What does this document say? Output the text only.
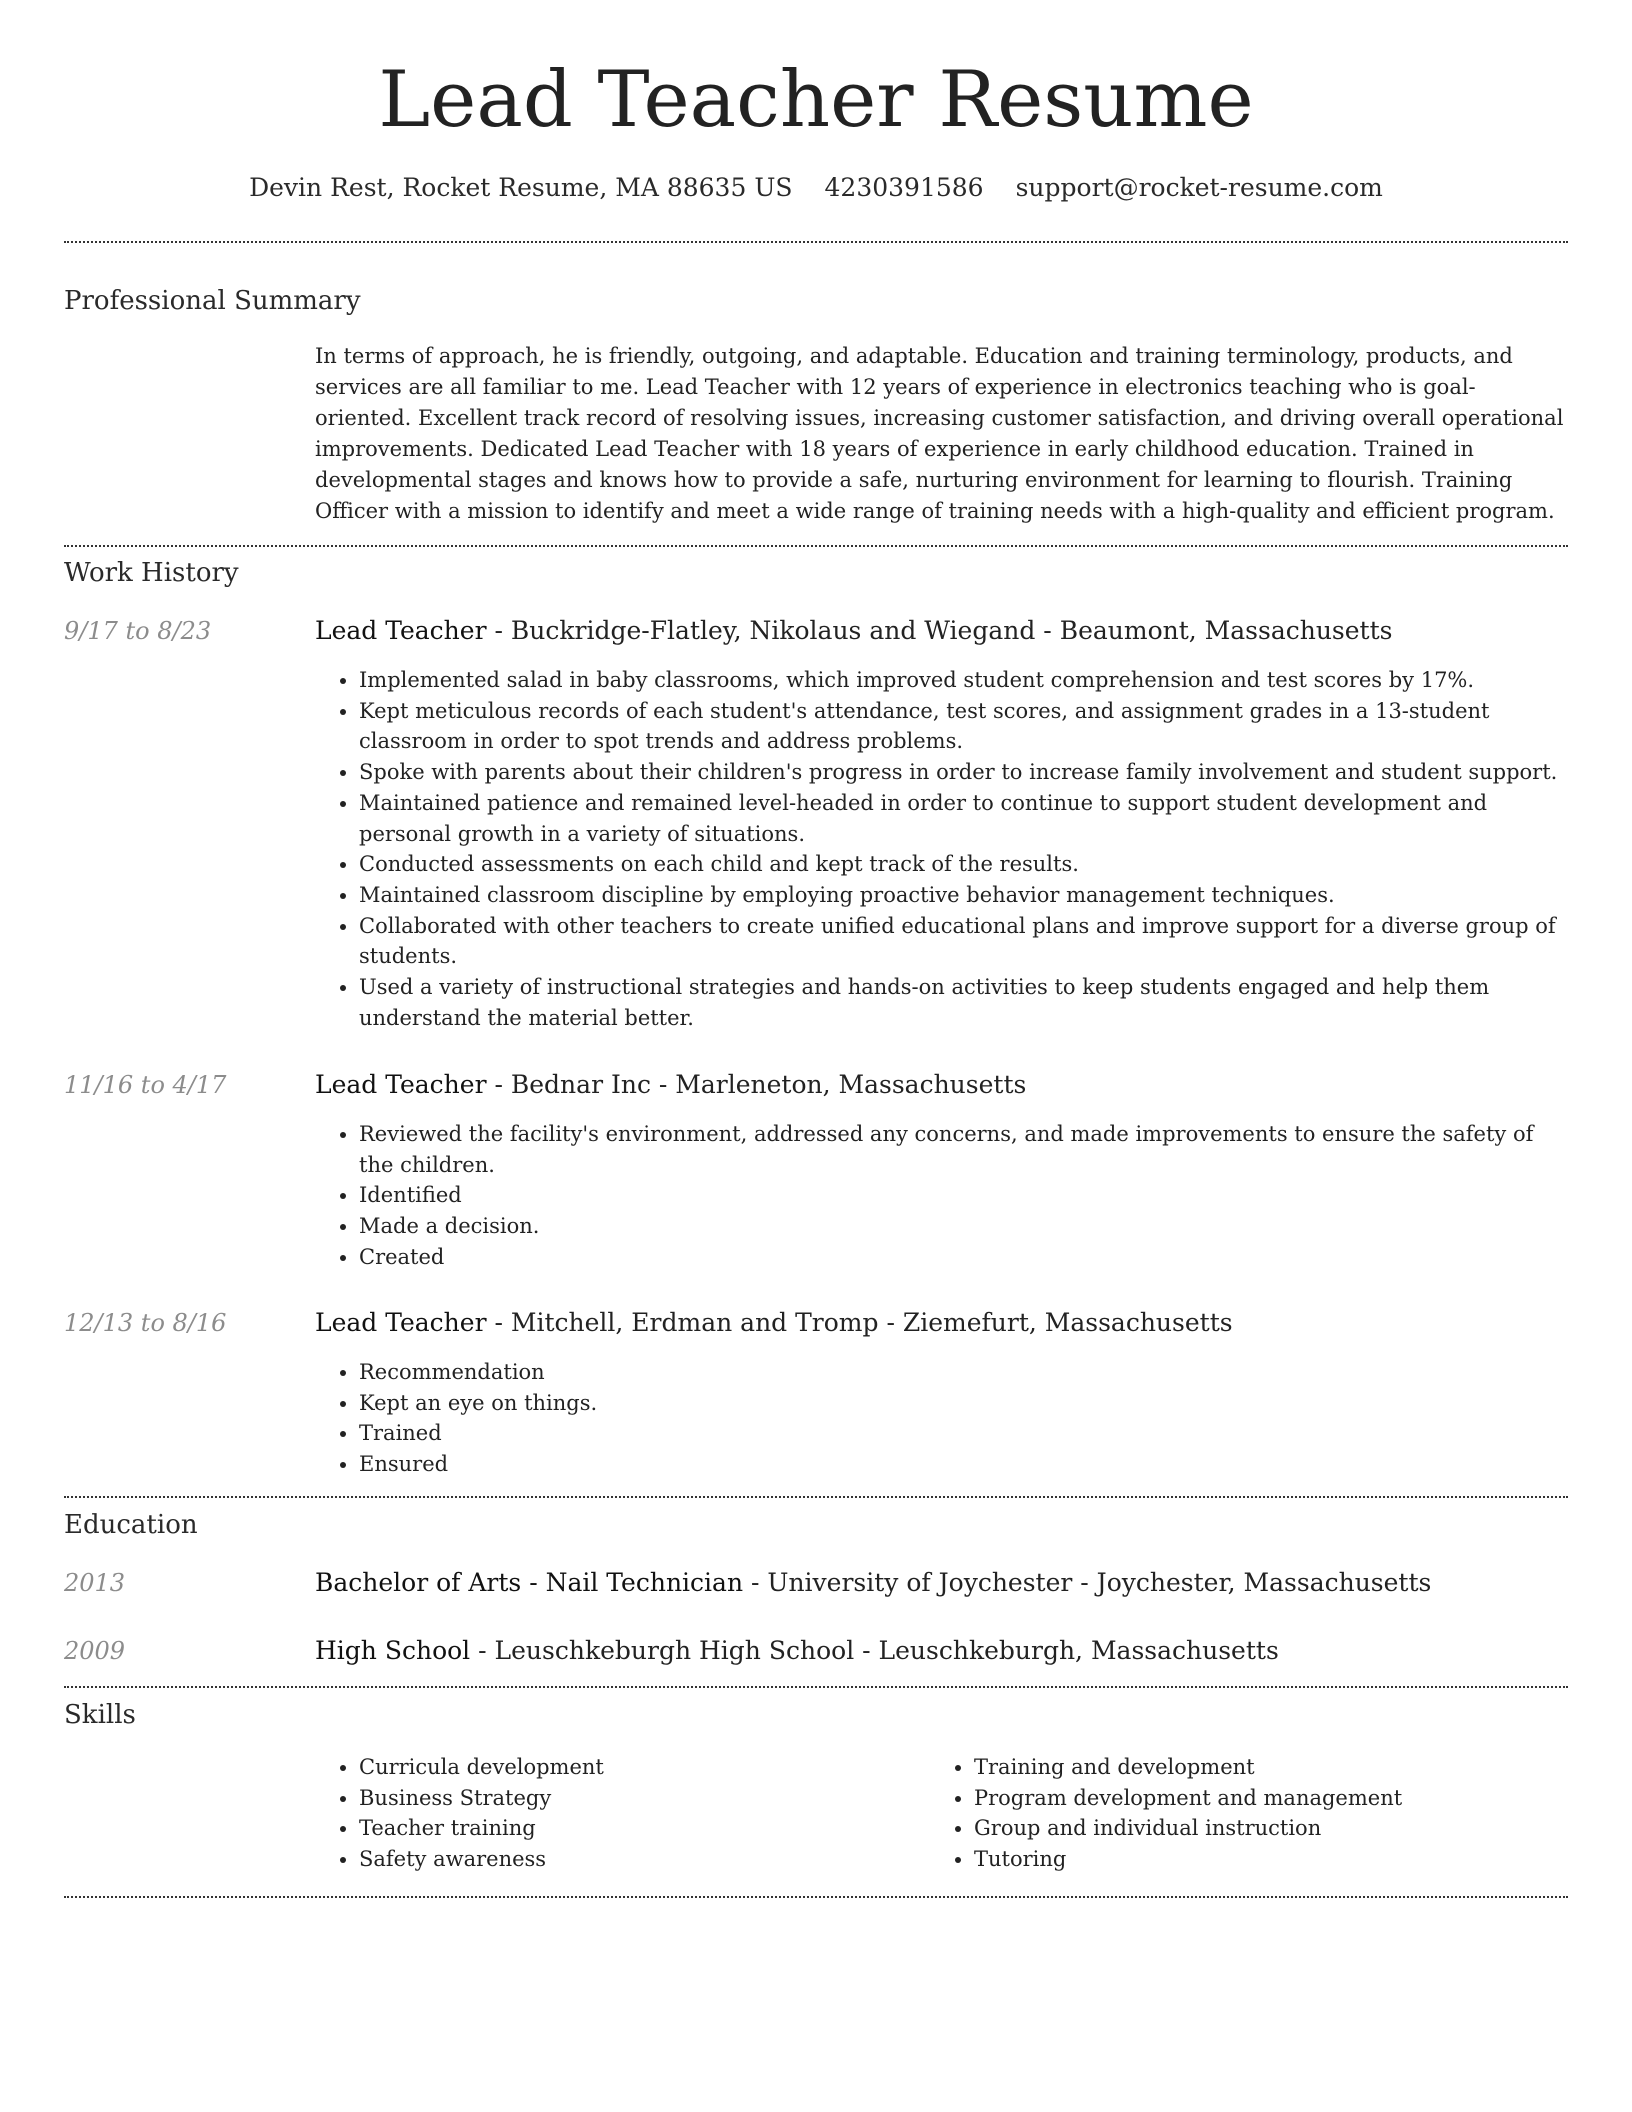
Lead Teacher Resume
Devin Rest, Rocket Resume, MA 88635 US 4230391586 support@rocket-resume.com
Professional Summary
In terms of approach, he is friendly, outgoing, and adaptable. Education and training terminology, products, and services are all familiar to me. Lead Teacher with 12 years of experience in electronics teaching who is goal-oriented. Excellent track record of resolving issues, increasing customer satisfaction, and driving overall operational improvements. Dedicated Lead Teacher with 18 years of experience in early childhood education. Trained in developmental stages and knows how to provide a safe, nurturing environment for learning to flourish. Training Officer with a mission to identify and meet a wide range of training needs with a high-quality and efficient program.
Work History
9/17 to 8/23	Lead Teacher - Buckridge-Flatley, Nikolaus and Wiegand - Beaumont, Massachusetts
• Implemented salad in baby classrooms, which improved student comprehension and test scores by 17%.
• Kept meticulous records of each student's attendance, test scores, and assignment grades in a 13-student classroom in order to spot trends and address problems.
• Spoke with parents about their children's progress in order to increase family involvement and student support.
• Maintained patience and remained level-headed in order to continue to support student development and personal growth in a variety of situations.
• Conducted assessments on each child and kept track of the results.
• Maintained classroom discipline by employing proactive behavior management techniques.
• Collaborated with other teachers to create unified educational plans and improve support for a diverse group of students.
• Used a variety of instructional strategies and hands-on activities to keep students engaged and help them understand the material better.
11/16 to 4/17	Lead Teacher - Bednar Inc - Marleneton, Massachusetts
• Reviewed the facility's environment, addressed any concerns, and made improvements to ensure the safety of the children.
• Identified
• Made a decision.
• Created
12/13 to 8/16	Lead Teacher - Mitchell, Erdman and Tromp - Ziemefurt, Massachusetts
• Recommendation
• Kept an eye on things.
• Trained
• Ensured
Education
2013	Bachelor of Arts - Nail Technician - University of Joychester - Joychester, Massachusetts
2009	High School - Leuschkeburgh High School - Leuschkeburgh, Massachusetts
Skills
• Curricula development
• Business Strategy
• Teacher training
• Safety awareness
• Training and development
• Program development and management
• Group and individual instruction
• Tutoring
